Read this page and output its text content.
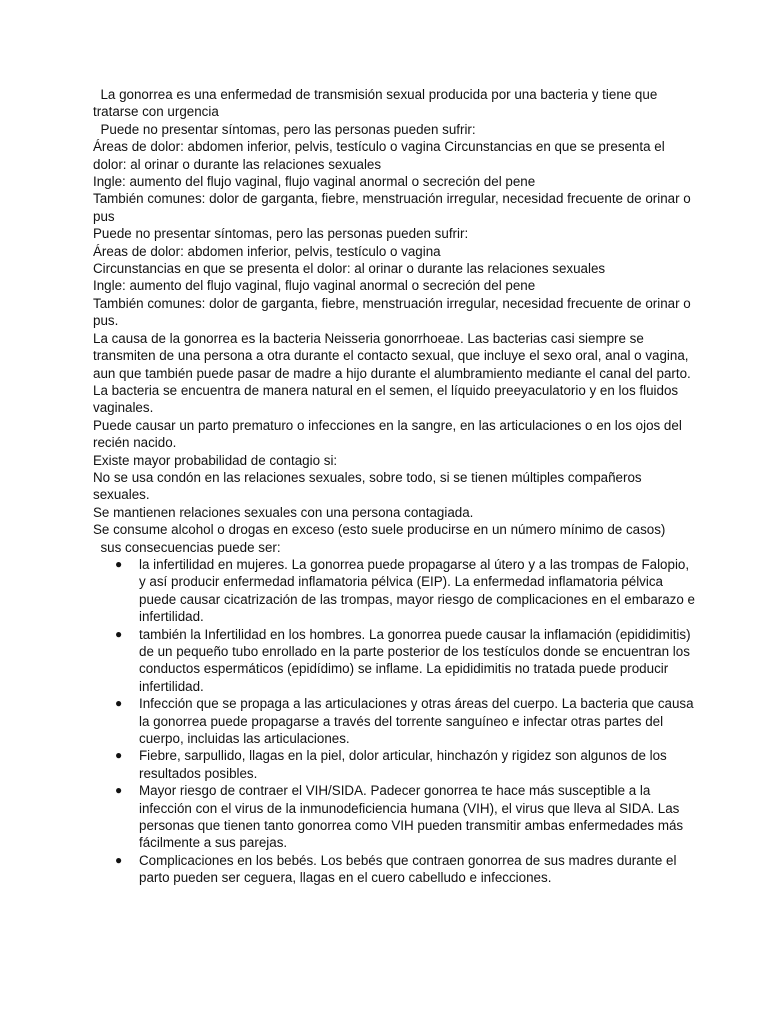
La gonorrea es una enfermedad de transmisión sexual producida por una bacteria y tiene que tratarse con urgencia

Puede no presentar síntomas, pero las personas pueden sufrir:

Áreas de dolor: abdomen inferior, pelvis, testículo o vagina Circunstancias en que se presenta el dolor: al orinar o durante las relaciones sexuales

Ingle: aumento del flujo vaginal, flujo vaginal anormal o secreción del pene

También comunes: dolor de garganta, fiebre, menstruación irregular, necesidad frecuente de orinar o pus

Puede no presentar síntomas, pero las personas pueden sufrir:

Áreas de dolor: abdomen inferior, pelvis, testículo o vagina

Circunstancias en que se presenta el dolor: al orinar o durante las relaciones sexuales

Ingle: aumento del flujo vaginal, flujo vaginal anormal o secreción del pene

También comunes: dolor de garganta, fiebre, menstruación irregular, necesidad frecuente de orinar o pus.

La causa de la gonorrea es la bacteria Neisseria gonorrhoeae. Las bacterias casi siempre se transmiten de una persona a otra durante el contacto sexual, que incluye el sexo oral, anal o vagina, aun que también puede pasar de madre a hijo durante el alumbramiento mediante el canal del parto. La bacteria se encuentra de manera natural en el semen, el líquido preeyaculatorio y en los fluidos vaginales.

Puede causar un parto prematuro o infecciones en la sangre, en las articulaciones o en los ojos del recién nacido.

Existe mayor probabilidad de contagio si:

No se usa condón en las relaciones sexuales, sobre todo, si se tienen múltiples compañeros sexuales.

Se mantienen relaciones sexuales con una persona contagiada.

Se consume alcohol o drogas en exceso (esto suele producirse en un número mínimo de casos)

sus consecuencias puede ser:

● la infertilidad en mujeres. La gonorrea puede propagarse al útero y a las trompas de Falopio, y así producir enfermedad inflamatoria pélvica (EIP). La enfermedad inflamatoria pélvica puede causar cicatrización de las trompas, mayor riesgo de complicaciones en el embarazo e infertilidad.
● también la Infertilidad en los hombres. La gonorrea puede causar la inflamación (epididimitis) de un pequeño tubo enrollado en la parte posterior de los testículos donde se encuentran los conductos espermáticos (epidídimo) se inflame. La epididimitis no tratada puede producir infertilidad.
● Infección que se propaga a las articulaciones y otras áreas del cuerpo. La bacteria que causa la gonorrea puede propagarse a través del torrente sanguíneo e infectar otras partes del cuerpo, incluidas las articulaciones.
● Fiebre, sarpullido, llagas en la piel, dolor articular, hinchazón y rigidez son algunos de los resultados posibles.
● Mayor riesgo de contraer el VIH/SIDA. Padecer gonorrea te hace más susceptible a la infección con el virus de la inmunodeficiencia humana (VIH), el virus que lleva al SIDA. Las personas que tienen tanto gonorrea como VIH pueden transmitir ambas enfermedades más fácilmente a sus parejas.
● Complicaciones en los bebés. Los bebés que contraen gonorrea de sus madres durante el parto pueden ser ceguera, llagas en el cuero cabelludo e infecciones.
